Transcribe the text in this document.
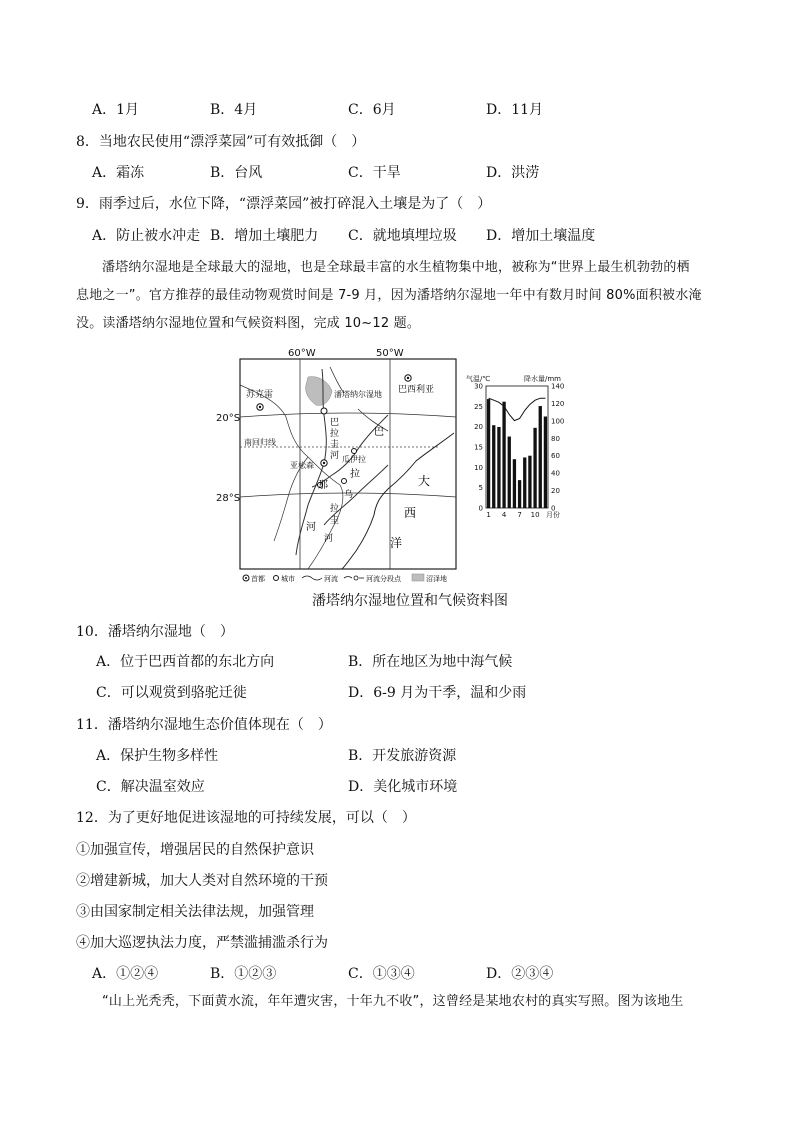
A．1月	B．4月	C．6月	D．11月
8．当地农民使用“漂浮菜园”可有效抵御（　）
A．霜冻	B．台风	C．干旱	D．洪涝
9．雨季过后，水位下降，“漂浮菜园”被打碎混入土壤是为了（　）
A．防止被水冲走 B．增加土壤肥力 C．就地填埋垃圾 D．增加土壤温度
潘塔纳尔湿地是全球最大的湿地，也是全球最丰富的水生植物集中地，被称为“世界上最生机勃勃的栖
息地之一”。官方推荐的最佳动物观赏时间是 7-9 月，因为潘塔纳尔湿地一年中有数月时间 80%面积被水淹
没。读潘塔纳尔湿地位置和气候资料图，完成 10~12 题。
60°W	50°W
20°S
28°S
苏克雷	潘塔纳尔湿地 巴西利亚
南回归线
亚松森
瓜伊拉
巴
拉
圭
河
巴
拉
那
河
乌
拉
圭
河
大
西
洋
首都 城市	河流	河流分段点	沼泽地
气温/℃	降水量/mm
30
25
20
15
10
5
0
140
120
100
80
60
40
20
0
1 4 7 10 月份
潘塔纳尔湿地位置和气候资料图
10．潘塔纳尔湿地（　）
A．位于巴西首都的东北方向	B．所在地区为地中海气候
C．可以观赏到骆驼迁徙	D．6-9 月为干季，温和少雨
11．潘塔纳尔湿地生态价值体现在（　）
A．保护生物多样性	B．开发旅游资源
C．解决温室效应	D．美化城市环境
12．为了更好地促进该湿地的可持续发展，可以（　）
①加强宣传，增强居民的自然保护意识
②增建新城，加大人类对自然环境的干预
③由国家制定相关法律法规，加强管理
④加大巡逻执法力度，严禁滥捕滥杀行为
A．①②④	B．①②③	C．①③④	D．②③④
“山上光秃秃，下面黄水流，年年遭灾害，十年九不收”，这曾经是某地农村的真实写照。图为该地生
